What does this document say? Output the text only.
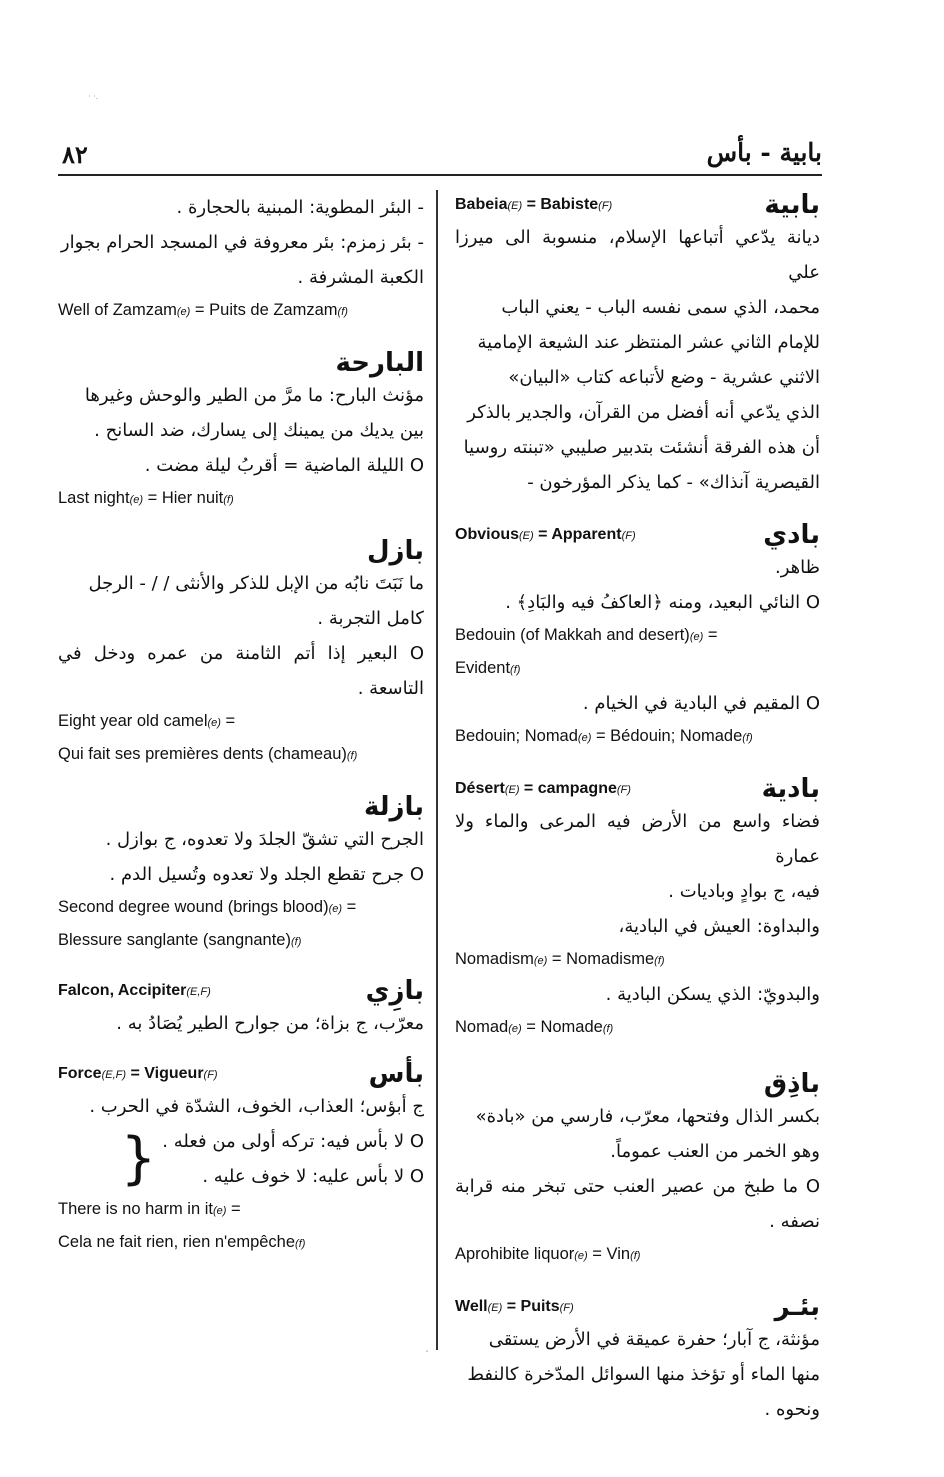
· ·.
٨٢	بابية - بأس
Babeia(E) = Babiste(F)	بابية
ديانة يدّعي أتباعها الإسلام، منسوبة الى ميرزا علي
محمد، الذي سمى نفسه الباب - يعني الباب
للإمام الثاني عشر المنتظر عند الشيعة الإمامية
الاثني عشرية - وضع لأتباعه كتاب «البيان»
الذي يدّعي أنه أفضل من القرآن، والجدير بالذكر
أن هذه الفرقة أنشئت بتدبير صليبي «تبنته روسيا
القيصرية آنذاك» - كما يذكر المؤرخون -
Obvious(E) = Apparent(F)	بادي
ظاهر.
O النائي البعيد، ومنه ﴿العاكفُ فيه والبَادِ﴾ .
Bedouin (of Makkah and desert)(e) =
Evident(f)
O المقيم في البادية في الخيام .
Bedouin; Nomad(e) = Bédouin; Nomade(f)
Désert(E) = campagne(F)	بادية
فضاء واسع من الأرض فيه المرعى والماء ولا عمارة
فيه، ج بوادٍ وباديات .
والبداوة: العيش في البادية،
Nomadism(e) = Nomadisme(f)
والبدويّ: الذي يسكن البادية .
Nomad(e) = Nomade(f)
باذِق
بكسر الذال وفتحها، معرّب، فارسي من «بادة»
وهو الخمر من العنب عموماً.
O ما طبخ من عصير العنب حتى تبخر منه قرابة نصفه .
Aprohibite liquor(e) = Vin(f)
Well(E) = Puits(F)	بئـر
مؤنثة، ج آبار؛ حفرة عميقة في الأرض يستقى
منها الماء أو تؤخذ منها السوائل المدّخرة كالنفط
ونحوه .
- البئر المطوية: المبنية بالحجارة .
- بئر زمزم: بئر معروفة في المسجد الحرام بجوار
الكعبة المشرفة .
Well of Zamzam(e) = Puits de Zamzam(f)
البارحة
مؤنث البارح: ما مرَّ من الطير والوحش وغيرها
بين يديك من يمينك إلى يسارك، ضد السانح .
O الليلة الماضية = أقربُ ليلة مضت .
Last night(e) = Hier nuit(f)
بازل
ما نَبَتَ نابُه من الإبل للذكر والأنثى / / - الرجل
كامل التجربة .
O البعير إذا أتم الثامنة من عمره ودخل في التاسعة .
Eight year old camel(e) =
Qui fait ses premières dents (chameau)(f)
بازلة
الجرح التي تشقّ الجلدَ ولا تعدوه، ج بوازل .
O جرح تقطع الجلد ولا تعدوه وتُسيل الدم .
Second degree wound (brings blood)(e) =
Blessure sanglante (sangnante)(f)
Falcon, Accipiter(E,F)	بازِي
معرّب، ج بزاة؛ من جوارح الطير يُصَادُ به .
Force(E,F) = Vigueur(F)	بأس
ج أبؤس؛ العذاب، الخوف، الشدّة في الحرب .
O لا بأس فيه: تركه أولى من فعله .
O لا بأس عليه: لا خوف عليه .
{
There is no harm in it(e) =
Cela ne fait rien, rien n'empêche(f)
˘
